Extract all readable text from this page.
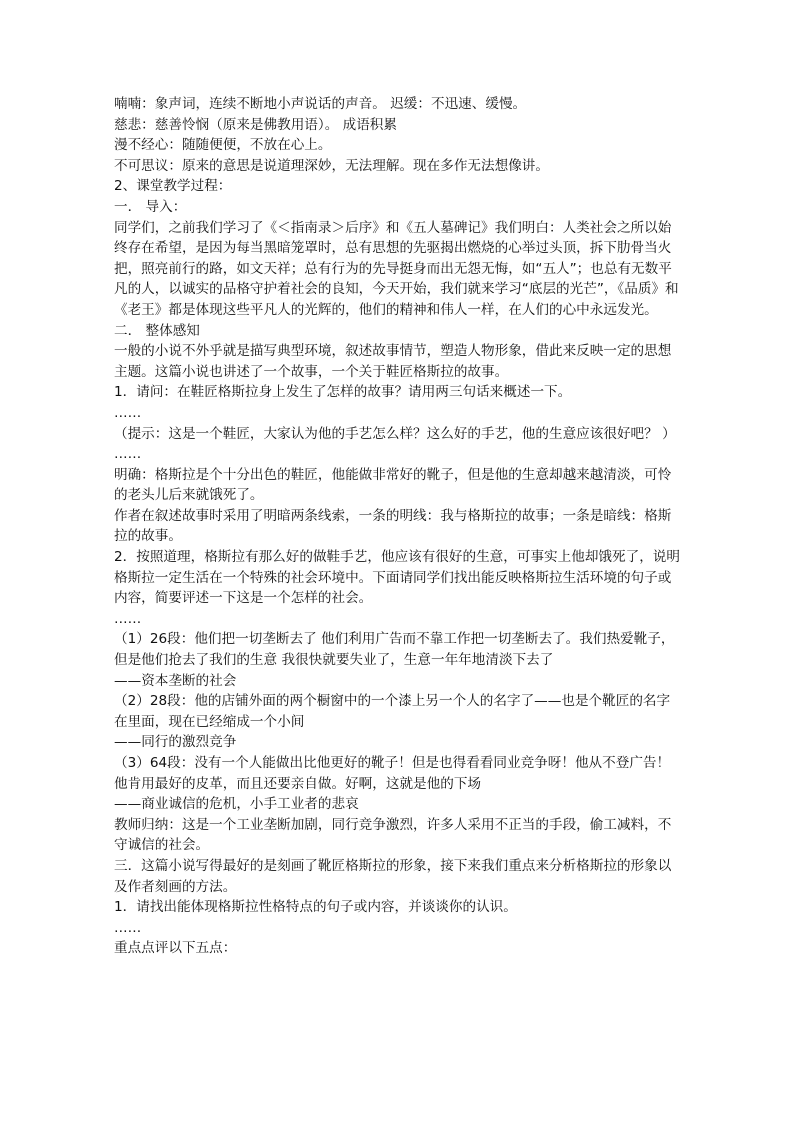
喃喃：象声词，连续不断地小声说话的声音。 迟缓：不迅速、缓慢。

慈悲：慈善怜悯（原来是佛教用语）。 成语积累

漫不经心：随随便便，不放在心上。

不可思议：原来的意思是说道理深妙，无法理解。现在多作无法想像讲。

2、课堂教学过程：

一． 导入：

同学们，之前我们学习了《＜指南录＞后序》和《五人墓碑记》我们明白：人类社会之所以始终存在希望，是因为每当黑暗笼罩时，总有思想的先驱揭出燃烧的心举过头顶，拆下肋骨当火把，照亮前行的路，如文天祥；总有行为的先导挺身而出无怨无悔，如“五人”；也总有无数平凡的人，以诚实的品格守护着社会的良知，今天开始，我们就来学习“底层的光芒”，《品质》和《老王》都是体现这些平凡人的光辉的，他们的精神和伟人一样，在人们的心中永远发光。

二． 整体感知

一般的小说不外乎就是描写典型环境，叙述故事情节，塑造人物形象，借此来反映一定的思想主题。这篇小说也讲述了一个故事，一个关于鞋匠格斯拉的故事。

1．请问：在鞋匠格斯拉身上发生了怎样的故事？请用两三句话来概述一下。

……

（提示：这是一个鞋匠，大家认为他的手艺怎么样？这么好的手艺，他的生意应该很好吧？ ）

……

明确：格斯拉是个十分出色的鞋匠，他能做非常好的靴子，但是他的生意却越来越清淡，可怜的老头儿后来就饿死了。

作者在叙述故事时采用了明暗两条线索，一条的明线：我与格斯拉的故事；一条是暗线：格斯拉的故事。

2．按照道理，格斯拉有那么好的做鞋手艺，他应该有很好的生意，可事实上他却饿死了，说明格斯拉一定生活在一个特殊的社会环境中。下面请同学们找出能反映格斯拉生活环境的句子或内容，简要评述一下这是一个怎样的社会。

……

（1）26段：他们把一切垄断去了 他们利用广告而不靠工作把一切垄断去了。我们热爱靴子，但是他们抢去了我们的生意 我很快就要失业了，生意一年年地清淡下去了

——资本垄断的社会

（2）28段：他的店铺外面的两个橱窗中的一个漆上另一个人的名字了——也是个靴匠的名字 在里面，现在已经缩成一个小间

——同行的激烈竞争

（3）64段：没有一个人能做出比他更好的靴子！但是也得看看同业竞争呀！他从不登广告！他肯用最好的皮革，而且还要亲自做。好啊，这就是他的下场

——商业诚信的危机，小手工业者的悲哀

教师归纳：这是一个工业垄断加剧，同行竞争激烈，许多人采用不正当的手段，偷工减料，不守诚信的社会。

三．这篇小说写得最好的是刻画了靴匠格斯拉的形象，接下来我们重点来分析格斯拉的形象以及作者刻画的方法。

1．请找出能体现格斯拉性格特点的句子或内容，并谈谈你的认识。

……

重点点评以下五点：
